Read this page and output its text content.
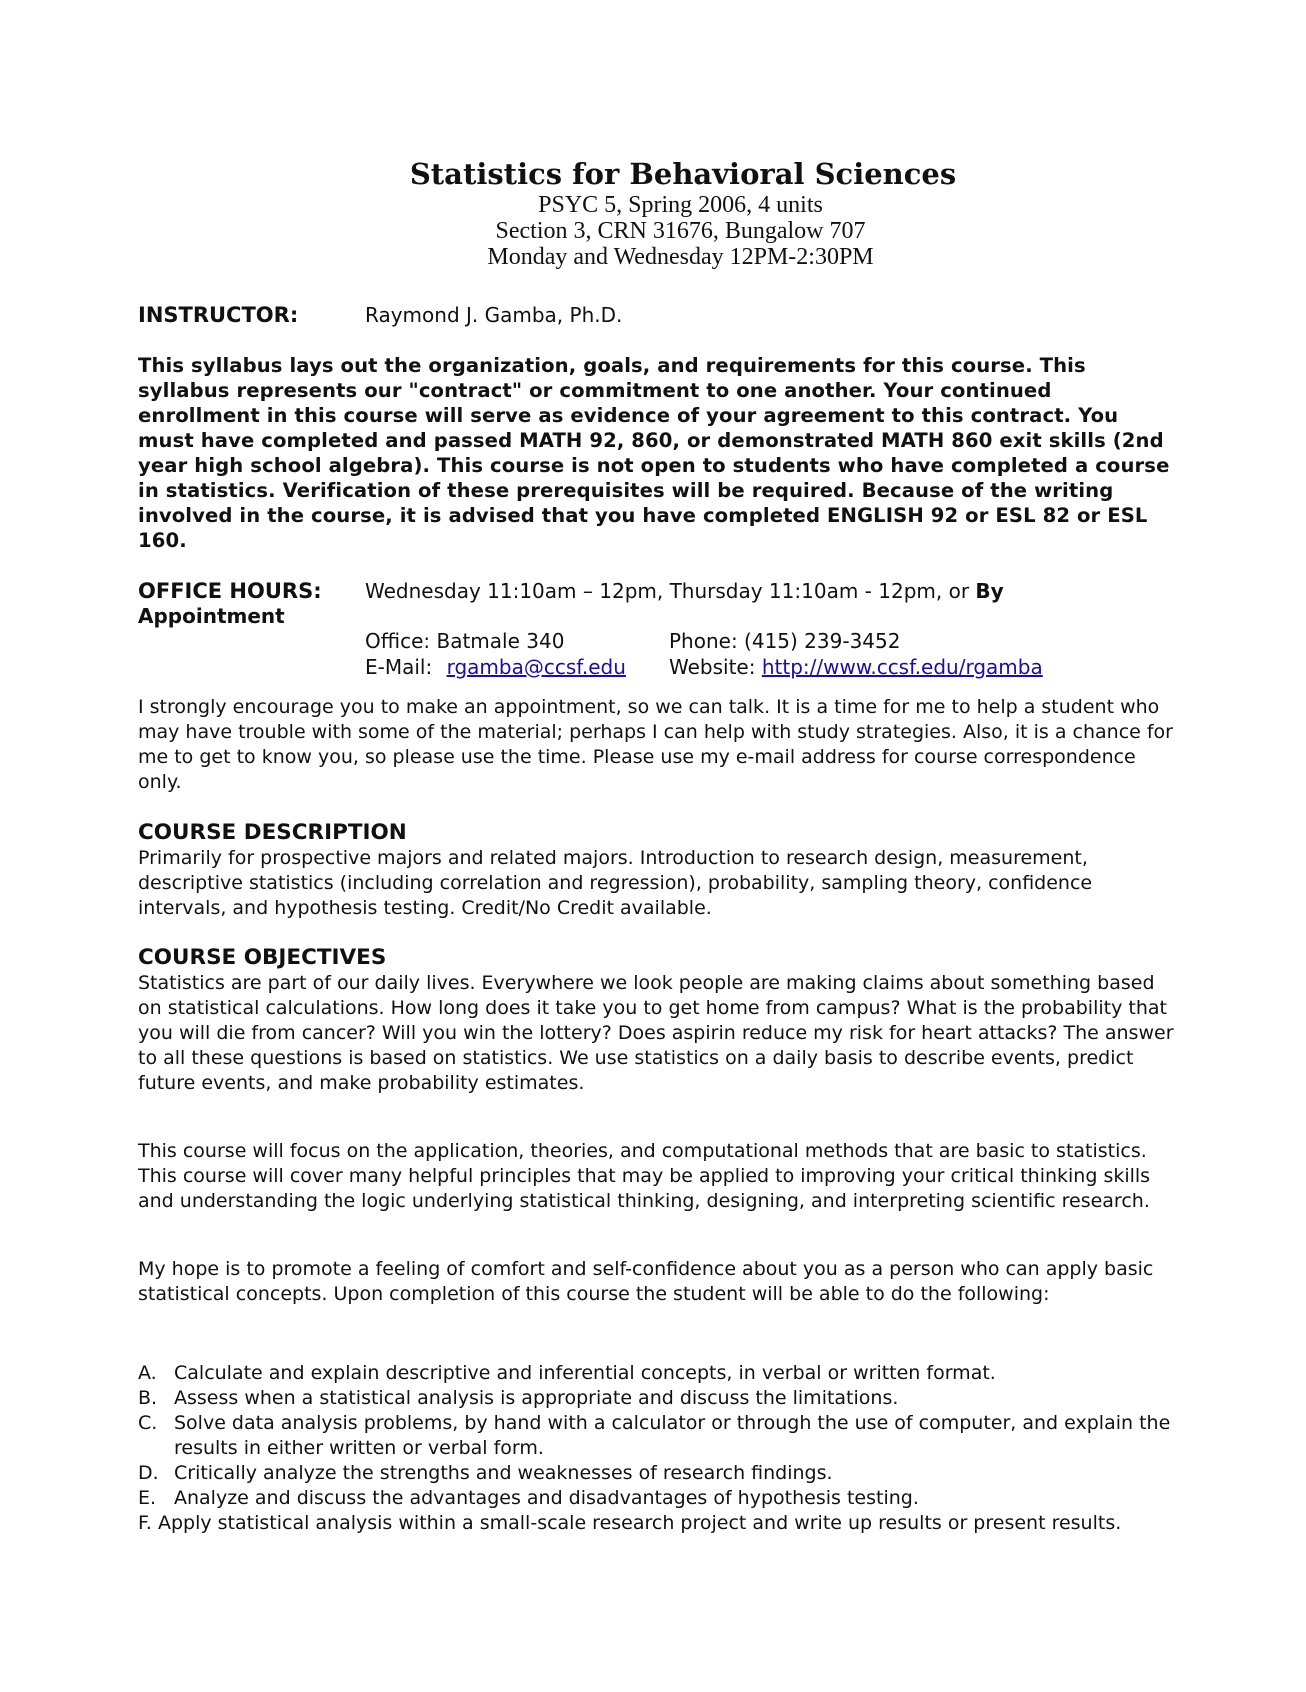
Statistics for Behavioral Sciences
PSYC 5, Spring 2006, 4 units
Section 3, CRN 31676, Bungalow 707
Monday and Wednesday 12PM-2:30PM
INSTRUCTOR:	Raymond J. Gamba, Ph.D.
This syllabus lays out the organization, goals, and requirements for this course. This syllabus represents our "contract" or commitment to one another. Your continued enrollment in this course will serve as evidence of your agreement to this contract. You must have completed and passed MATH 92, 860, or demonstrated MATH 860 exit skills (2nd year high school algebra). This course is not open to students who have completed a course in statistics. Verification of these prerequisites will be required. Because of the writing involved in the course, it is advised that you have completed ENGLISH 92 or ESL 82 or ESL 160.
OFFICE HOURS: Wednesday 11:10am – 12pm, Thursday 11:10am - 12pm, or By
Appointment
Office: Batmale 340	Phone: (415) 239-3452
E-Mail: rgamba@ccsf.edu Website: http://www.ccsf.edu/rgamba
I strongly encourage you to make an appointment, so we can talk. It is a time for me to help a student who may have trouble with some of the material; perhaps I can help with study strategies. Also, it is a chance for me to get to know you, so please use the time. Please use my e-mail address for course correspondence only.
COURSE DESCRIPTION
Primarily for prospective majors and related majors. Introduction to research design, measurement, descriptive statistics (including correlation and regression), probability, sampling theory, confidence intervals, and hypothesis testing. Credit/No Credit available.
COURSE OBJECTIVES
Statistics are part of our daily lives. Everywhere we look people are making claims about something based on statistical calculations. How long does it take you to get home from campus? What is the probability that you will die from cancer? Will you win the lottery? Does aspirin reduce my risk for heart attacks? The answer to all these questions is based on statistics. We use statistics on a daily basis to describe events, predict future events, and make probability estimates.
This course will focus on the application, theories, and computational methods that are basic to statistics. This course will cover many helpful principles that may be applied to improving your critical thinking skills and understanding the logic underlying statistical thinking, designing, and interpreting scientific research.
My hope is to promote a feeling of comfort and self-confidence about you as a person who can apply basic statistical concepts. Upon completion of this course the student will be able to do the following:
A. Calculate and explain descriptive and inferential concepts, in verbal or written format.
B. Assess when a statistical analysis is appropriate and discuss the limitations.
C. Solve data analysis problems, by hand with a calculator or through the use of computer, and explain the results in either written or verbal form.
D. Critically analyze the strengths and weaknesses of research findings.
E. Analyze and discuss the advantages and disadvantages of hypothesis testing.
F. Apply statistical analysis within a small-scale research project and write up results or present results.
